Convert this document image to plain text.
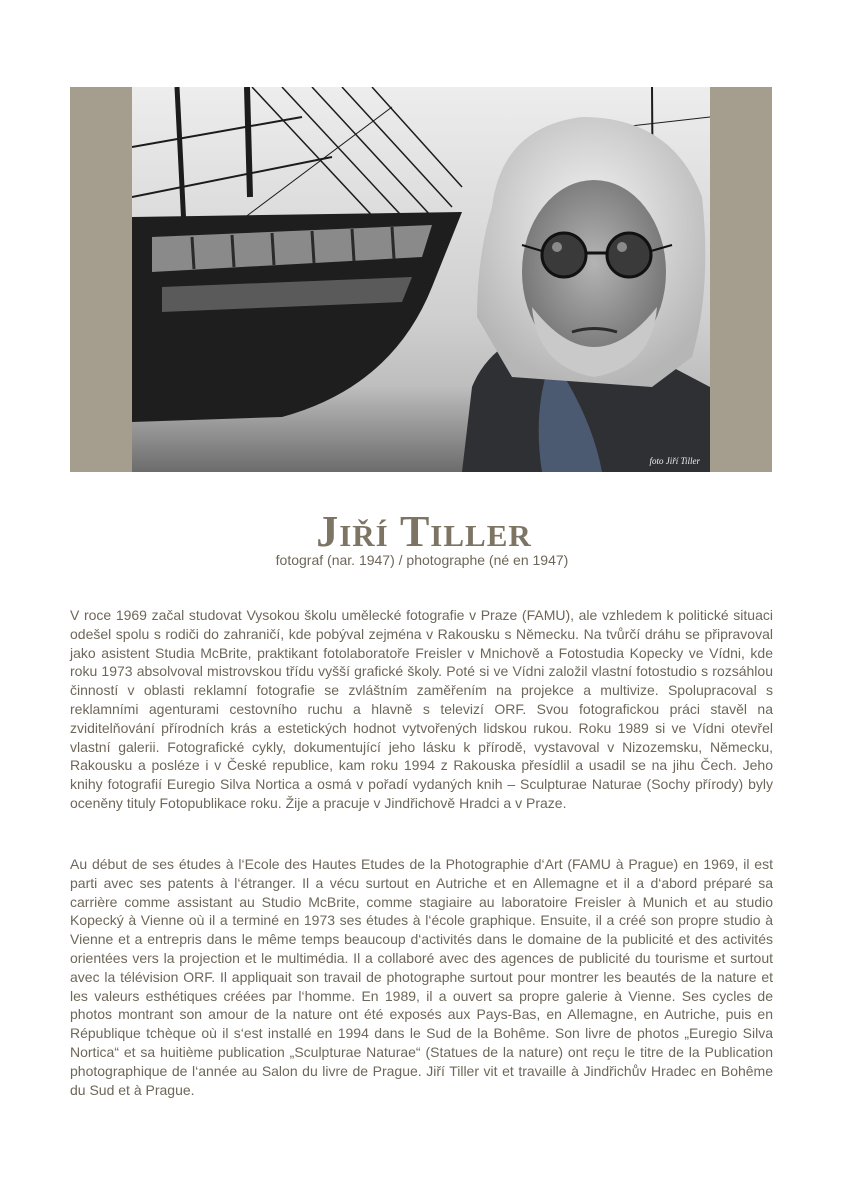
foto Jiří Tiller
Jiří Tiller

fotograf (nar. 1947) / photographe (né en 1947)

V roce 1969 začal studovat Vysokou školu umělecké fotografie v Praze (FAMU), ale vzhledem k politické situaci odešel spolu s rodiči do zahraničí, kde pobýval zejména v Rakousku s Německu. Na tvůrčí dráhu se připravoval jako asistent Studia McBrite, praktikant fotolaboratoře Freisler v Mnichově a Fotostudia Kopecky ve Vídni, kde roku 1973 absolvoval mistrovskou třídu vyšší grafické školy. Poté si ve Vídni založil vlastní fotostudio s rozsáhlou činností v oblasti reklamní fotografie se zvláštním zaměřením na projekce a multivize. Spolupracoval s reklamními agenturami cestovního ruchu a hlavně s televizí ORF. Svou fotografickou práci stavěl na zviditelňování přírodních krás a estetických hodnot vytvořených lidskou rukou. Roku 1989 si ve Vídni otevřel vlastní galerii. Fotografické cykly, dokumentující jeho lásku k přírodě, vystavoval v Nizozemsku, Německu, Rakousku a posléze i v České republice, kam roku 1994 z Rakouska přesídlil a usadil se na jihu Čech. Jeho knihy fotografií Euregio Silva Nortica a osmá v pořadí vydaných knih – Sculpturae Naturae (Sochy přírody) byly oceněny tituly Fotopublikace roku. Žije a pracuje v Jindřichově Hradci a v Praze.

Au début de ses études à l‘Ecole des Hautes Etudes de la Photographie d‘Art (FAMU à Prague) en 1969, il est parti avec ses patents à l‘étranger. Il a vécu surtout en Autriche et en Allemagne et il a d‘abord préparé sa carrière comme assistant au Studio McBrite, comme stagiaire au laboratoire Freisler à Munich et au studio Kopecký à Vienne où il a terminé en 1973 ses études à l‘école graphique. Ensuite, il a créé son propre studio à Vienne et a entrepris dans le même temps beaucoup d‘activités dans le domaine de la publicité et des activités orientées vers la projection et le multimédia. Il a collaboré avec des agences de publicité du tourisme et surtout avec la télévision ORF. Il appliquait son travail de photographe surtout pour montrer les beautés de la nature et les valeurs esthétiques créées par l‘homme. En 1989, il a ouvert sa propre galerie à Vienne. Ses cycles de photos montrant son amour de la nature ont été exposés aux Pays-Bas, en Allemagne, en Autriche, puis en République tchèque où il s‘est installé en 1994 dans le Sud de la Bohême. Son livre de photos „Euregio Silva Nortica“ et sa huitième publication „Sculpturae Naturae“ (Statues de la nature) ont reçu le titre de la Publication photographique de l‘année au Salon du livre de Prague. Jiří Tiller vit et travaille à Jindřichův Hradec en Bohême du Sud et à Prague.
